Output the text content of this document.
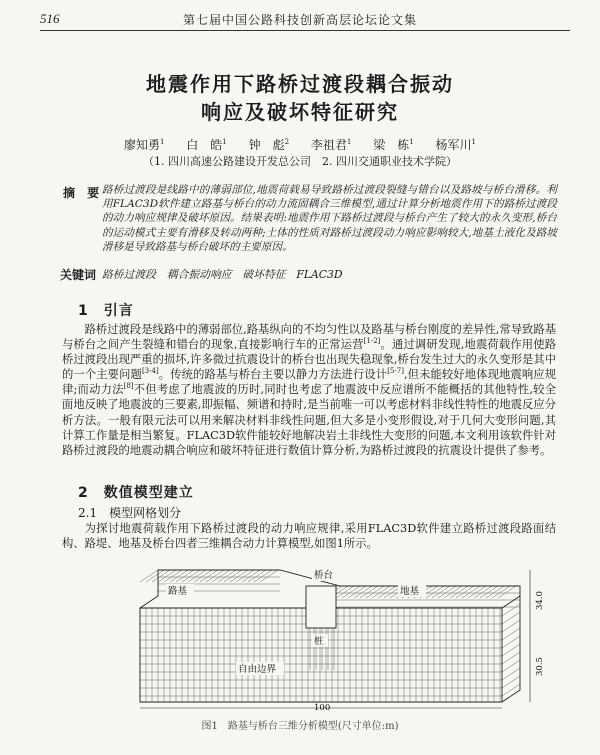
516	第七届中国公路科技创新高层论坛论文集
地震作用下路桥过渡段耦合振动
响应及破坏特征研究
廖知勇$^1$ 白　皓$^1$ 钟　彪$^2$ 李祖君$^1$ 梁　栋$^1$ 杨军川$^1$
（1. 四川高速公路建设开发总公司　2. 四川交通职业技术学院）
摘 要
路桥过渡段是线路中的薄弱部位,地震荷载易导致路桥过渡段裂缝与错台以及路坡与桥台滑移。利用FLAC3D软件建立路基与桥台的动力流固耦合三维模型,通过计算分析地震作用下的路桥过渡段的动力响应规律及破坏原因。结果表明:地震作用下路桥过渡段与桥台产生了较大的永久变形,桥台的运动模式主要有滑移及转动两种;土体的性质对路桥过渡段动力响应影响较大,地基土液化及路坡滑移是导致路基与桥台破坏的主要原因。
关键词 路桥过渡段　耦合振动响应　破坏特征　FLAC3D
1　引言
路桥过渡段是线路中的薄弱部位,路基纵向的不均匀性以及路基与桥台刚度的差异性,常导致路基与桥台之间产生裂缝和错台的现象,直接影响行车的正常运营[1-2]。通过调研发现,地震荷载作用使路桥过渡段出现严重的损坏,许多微过抗震设计的桥台也出现失稳现象,桥台发生过大的永久变形是其中的一个主要问题[3-4]。传统的路基与桥台主要以静力方法进行设计[5-7],但未能较好地体现地震响应规律;而动力法[8]不但考虑了地震波的历时,同时也考虑了地震波中反应谱所不能概括的其他特性,较全面地反映了地震波的三要素,即振幅、频谱和持时,是当前唯一可以考虑材料非线性特性的地震反应分析方法。一般有限元法可以用来解决材料非线性问题,但大多是小变形假设,对于几何大变形问题,其计算工作量是相当繁复。FLAC3D软件能较好地解决岩土非线性大变形的问题,本文利用该软件针对路桥过渡段的地震动耦合响应和破坏特征进行数值计算分析,为路桥过渡段的抗震设计提供了参考。
2　数值模型建立
2.1　模型网格划分
为探讨地震荷载作用下路桥过渡段的动力响应规律,采用FLAC3D软件建立路桥过渡段路面结构、路堤、地基及桥台四者三维耦合动力计算模型,如图1所示。
路基
桥台
桩
地基
自由边界
34.0
30.5
100
图1　路基与桥台三维分析模型(尺寸单位:m)
